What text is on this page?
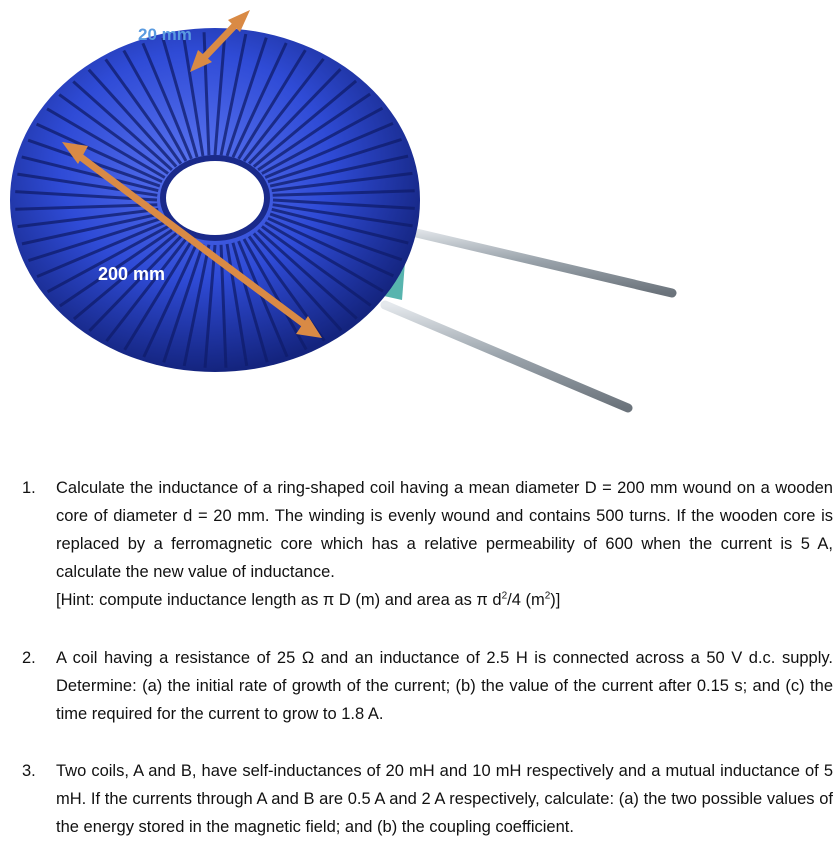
20 mm
200 mm
1. Calculate the inductance of a ring-shaped coil having a mean diameter D = 200 mm wound on a wooden core of diameter d = 20 mm. The winding is evenly wound and contains 500 turns. If the wooden core is replaced by a ferromagnetic core which has a relative permeability of 600 when the current is 5 A, calculate the new value of inductance.
[Hint: compute inductance length as π D (m) and area as π $d^2/4$ $(m^2)$]
2. A coil having a resistance of 25 Ω and an inductance of 2.5 H is connected across a 50 V d.c. supply. Determine: (a) the initial rate of growth of the current; (b) the value of the current after 0.15 s; and (c) the time required for the current to grow to 1.8 A.
3. Two coils, A and B, have self-inductances of 20 mH and 10 mH respectively and a mutual inductance of 5 mH. If the currents through A and B are 0.5 A and 2 A respectively, calculate: (a) the two possible values of the energy stored in the magnetic field; and (b) the coupling coefficient.
